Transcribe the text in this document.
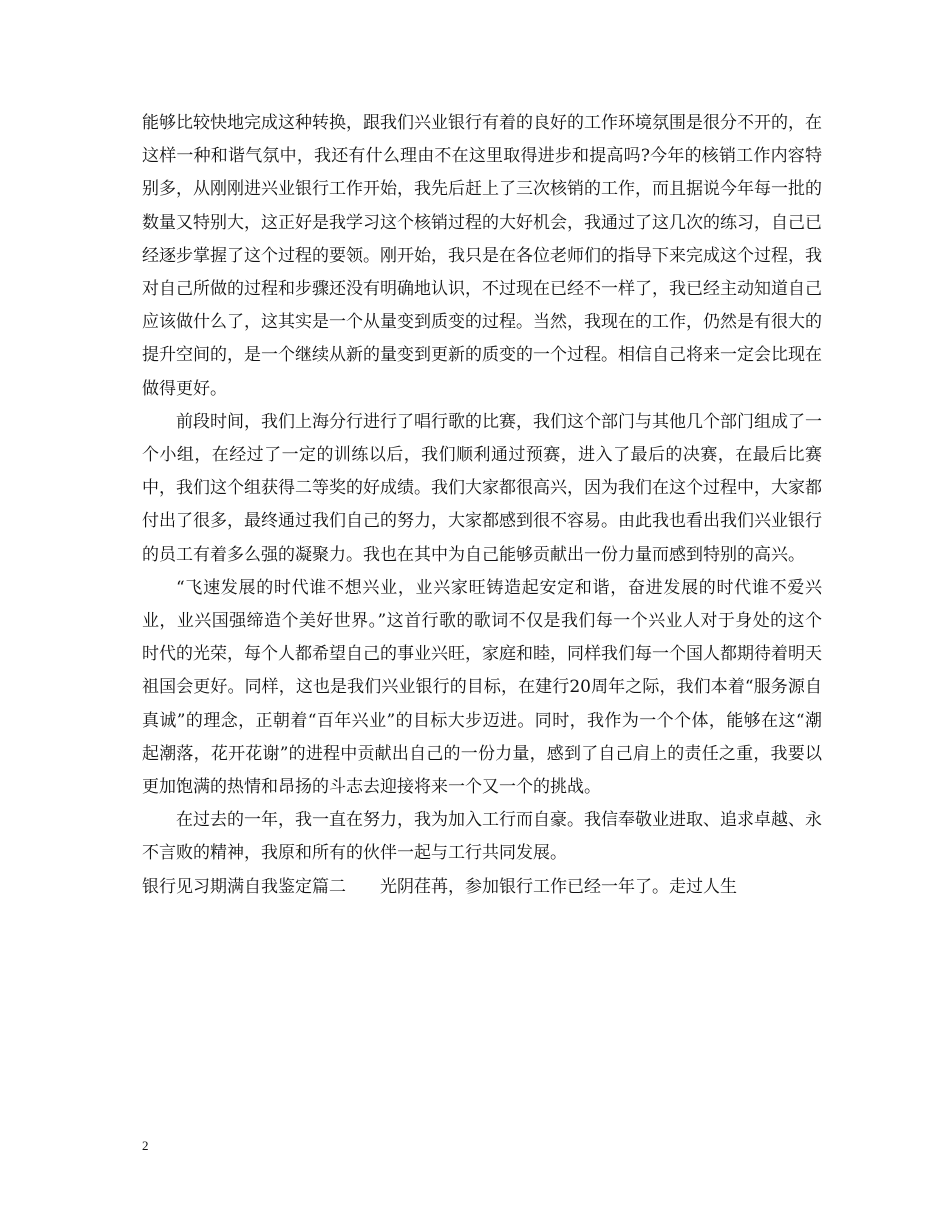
能够比较快地完成这种转换，跟我们兴业银行有着的良好的工作环境氛围是很分不开的，在这样一种和谐气氛中，我还有什么理由不在这里取得进步和提高吗?今年的核销工作内容特别多，从刚刚进兴业银行工作开始，我先后赶上了三次核销的工作，而且据说今年每一批的数量又特别大，这正好是我学习这个核销过程的大好机会，我通过了这几次的练习，自己已经逐步掌握了这个过程的要领。刚开始，我只是在各位老师们的指导下来完成这个过程，我对自己所做的过程和步骤还没有明确地认识，不过现在已经不一样了，我已经主动知道自己应该做什么了，这其实是一个从量变到质变的过程。当然，我现在的工作，仍然是有很大的提升空间的，是一个继续从新的量变到更新的质变的一个过程。相信自己将来一定会比现在做得更好。

前段时间，我们上海分行进行了唱行歌的比赛，我们这个部门与其他几个部门组成了一个小组，在经过了一定的训练以后，我们顺利通过预赛，进入了最后的决赛，在最后比赛中，我们这个组获得二等奖的好成绩。我们大家都很高兴，因为我们在这个过程中，大家都付出了很多，最终通过我们自己的努力，大家都感到很不容易。由此我也看出我们兴业银行的员工有着多么强的凝聚力。我也在其中为自己能够贡献出一份力量而感到特别的高兴。

“飞速发展的时代谁不想兴业，业兴家旺铸造起安定和谐，奋进发展的时代谁不爱兴业，业兴国强缔造个美好世界。”这首行歌的歌词不仅是我们每一个兴业人对于身处的这个时代的光荣，每个人都希望自己的事业兴旺，家庭和睦，同样我们每一个国人都期待着明天祖国会更好。同样，这也是我们兴业银行的目标，在建行20周年之际，我们本着“服务源自真诚”的理念，正朝着“百年兴业”的目标大步迈进。同时，我作为一个个体，能够在这“潮起潮落，花开花谢”的进程中贡献出自己的一份力量，感到了自己肩上的责任之重，我要以更加饱满的热情和昂扬的斗志去迎接将来一个又一个的挑战。

在过去的一年，我一直在努力，我为加入工行而自豪。我信奉敬业进取、追求卓越、永不言败的精神，我原和所有的伙伴一起与工行共同发展。

银行见习期满自我鉴定篇二　　光阴荏苒，参加银行工作已经一年了。走过人生

2
